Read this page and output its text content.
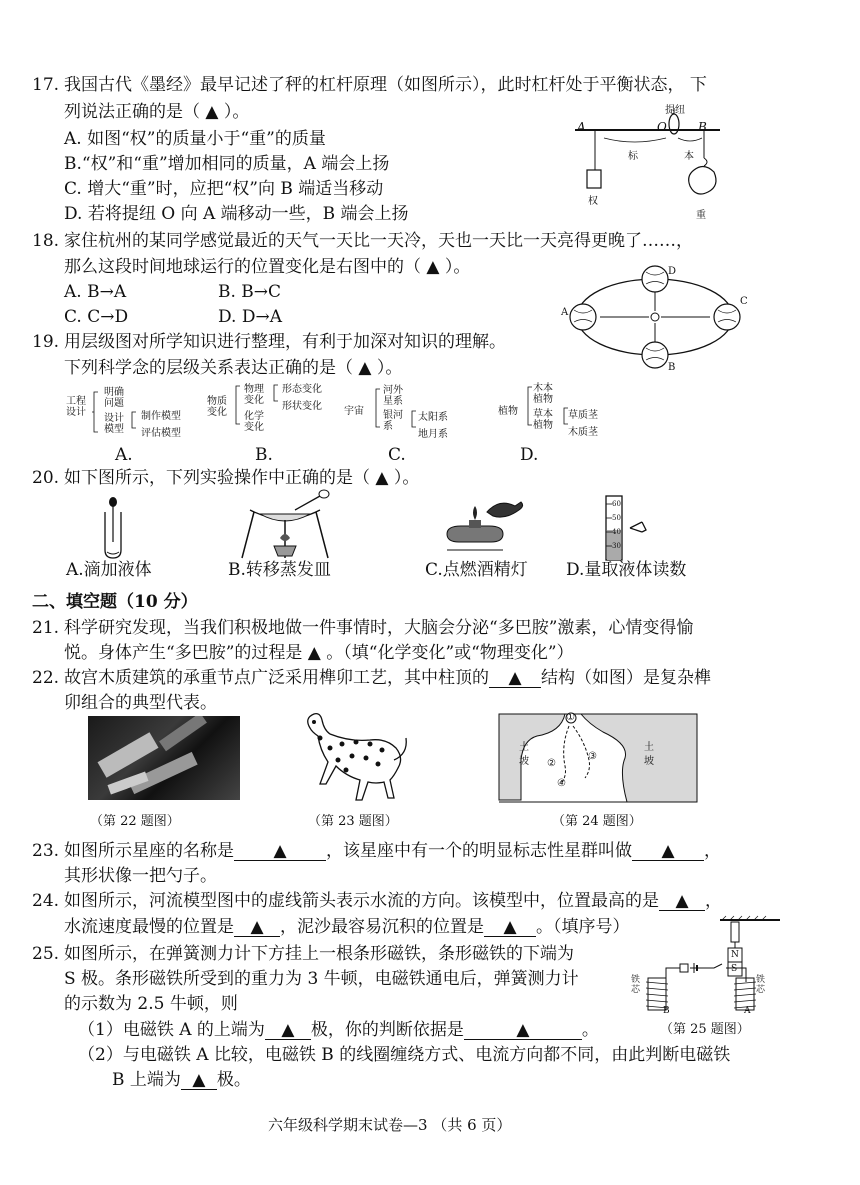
17. 我国古代《墨经》最早记述了秤的杠杆原理（如图所示），此时杠杆处于平衡状态， 下
列说法正确的是（ ▲ ）。
A. 如图“权”的质量小于“重”的质量
B.“权”和“重”增加相同的质量，A 端会上扬
C. 增大“重”时，应把“权”向 B 端适当移动
D. 若将提纽 O 向 A 端移动一些，B 端会上扬
提纽
A	O	B
标	本
权
重
18. 家住杭州的某同学感觉最近的天气一天比一天冷，天也一天比一天亮得更晚了……，
那么这段时间地球运行的位置变化是右图中的（ ▲ ）。
A. B→A	B. B→C
C. C→D	D. D→A
D
A
C
B
19. 用层级图对所学知识进行整理，有利于加深对知识的理解。
下列科学念的层级关系表达正确的是（ ▲ ）。
工程设计
明确问题
设计模型
制作模型
评估模型
A.
物质变化
物理变化
化学变化
形态变化
形状变化
B.
宇宙
河外星系
银河系
太阳系
地月系
C.
植物
木本植物
草本植物
草质茎
木质茎
D.
20. 如下图所示，下列实验操作中正确的是（ ▲ ）。
60
50
40
30
A.滴加液体	B.转移蒸发皿	C.点燃酒精灯 D.量取液体读数
二、填空题（10 分）
21. 科学研究发现，当我们积极地做一件事情时，大脑会分泌“多巴胺”激素，心情变得愉
悦。身体产生“多巴胺”的过程是 ▲ 。（填“化学变化”或“物理变化”）
22. 故宫木质建筑的承重节点广泛采用榫卯工艺，其中柱顶的 ▲ 结构（如图）是复杂榫
卯组合的典型代表。
土坡
土坡
①
②
③
④
（第 22 题图）	（第 23 题图）	（第 24 题图）
23. 如图所示星座的名称是 ▲ ，该星座中有一个的明显标志性星群叫做 ▲ ，
其形状像一把勺子。
24. 如图所示，河流模型图中的虚线箭头表示水流的方向。该模型中，位置最高的是 ▲ ，
水流速度最慢的位置是 ▲ ，泥沙最容易沉积的位置是 ▲ 。（填序号）
25. 如图所示，在弹簧测力计下方挂上一根条形磁铁，条形磁铁的下端为
S 极。条形磁铁所受到的重力为 3 牛顿，电磁铁通电后，弹簧测力计
的示数为 2.5 牛顿，则
（1）电磁铁 A 的上端为 ▲ 极，你的判断依据是	▲	。
（2）与电磁铁 A 比较，电磁铁 B 的线圈缠绕方式、电流方向都不同，由此判断电磁铁
B 上端为 ▲ 极。
N
S
铁芯
铁芯
B	A
（第 25 题图）
六年级科学期末试卷—3 （共 6 页）
